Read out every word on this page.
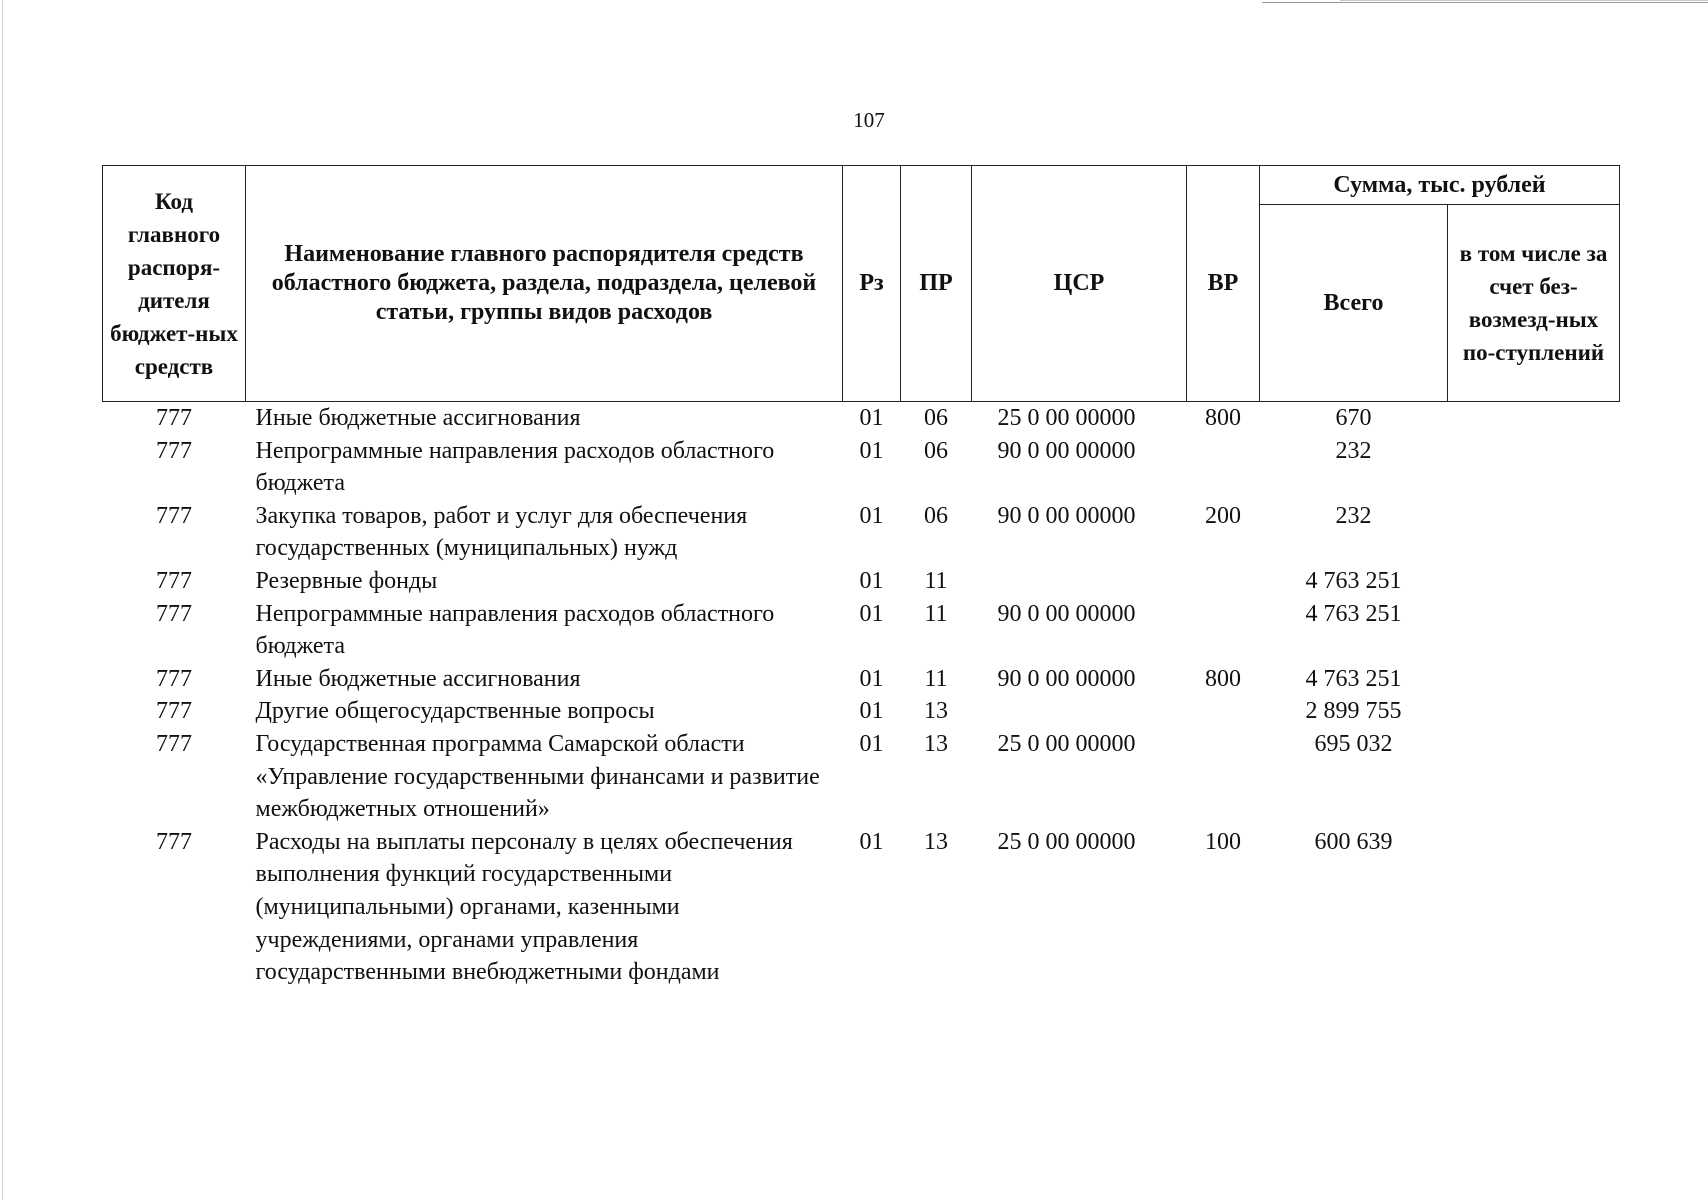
107
Код главного распоря-дителя бюджет-ных средств	Наименование главного распорядителя средств областного бюджета, раздела, подраздела, целевой статьи, группы видов расходов	Рз	ПР	ЦСР	ВР	Сумма, тыс. рублей	
						Всего	в том числе за счет без-возмезд-ных по-ступлений
777	Иные бюджетные ассигнования	01	06	25 0 00 00000	800	670	
777	Непрограммные направления расходов областного бюджета	01	06	90 0 00 00000		232	
777	Закупка товаров, работ и услуг для обеспечения государственных (муниципальных) нужд	01	06	90 0 00 00000	200	232	
777	Резервные фонды	01	11			4 763 251	
777	Непрограммные направления расходов областного бюджета	01	11	90 0 00 00000		4 763 251	
777	Иные бюджетные ассигнования	01	11	90 0 00 00000	800	4 763 251	
777	Другие общегосударственные вопросы	01	13			2 899 755	
777	Государственная программа Самарской области «Управление государственными финансами и развитие межбюджетных отношений»	01	13	25 0 00 00000		695 032	
777	Расходы на выплаты персоналу в целях обеспечения выполнения функций государственными (муниципальными) органами, казенными учреждениями, органами управления государственными внебюджетными фондами	01	13	25 0 00 00000	100	600 639	
